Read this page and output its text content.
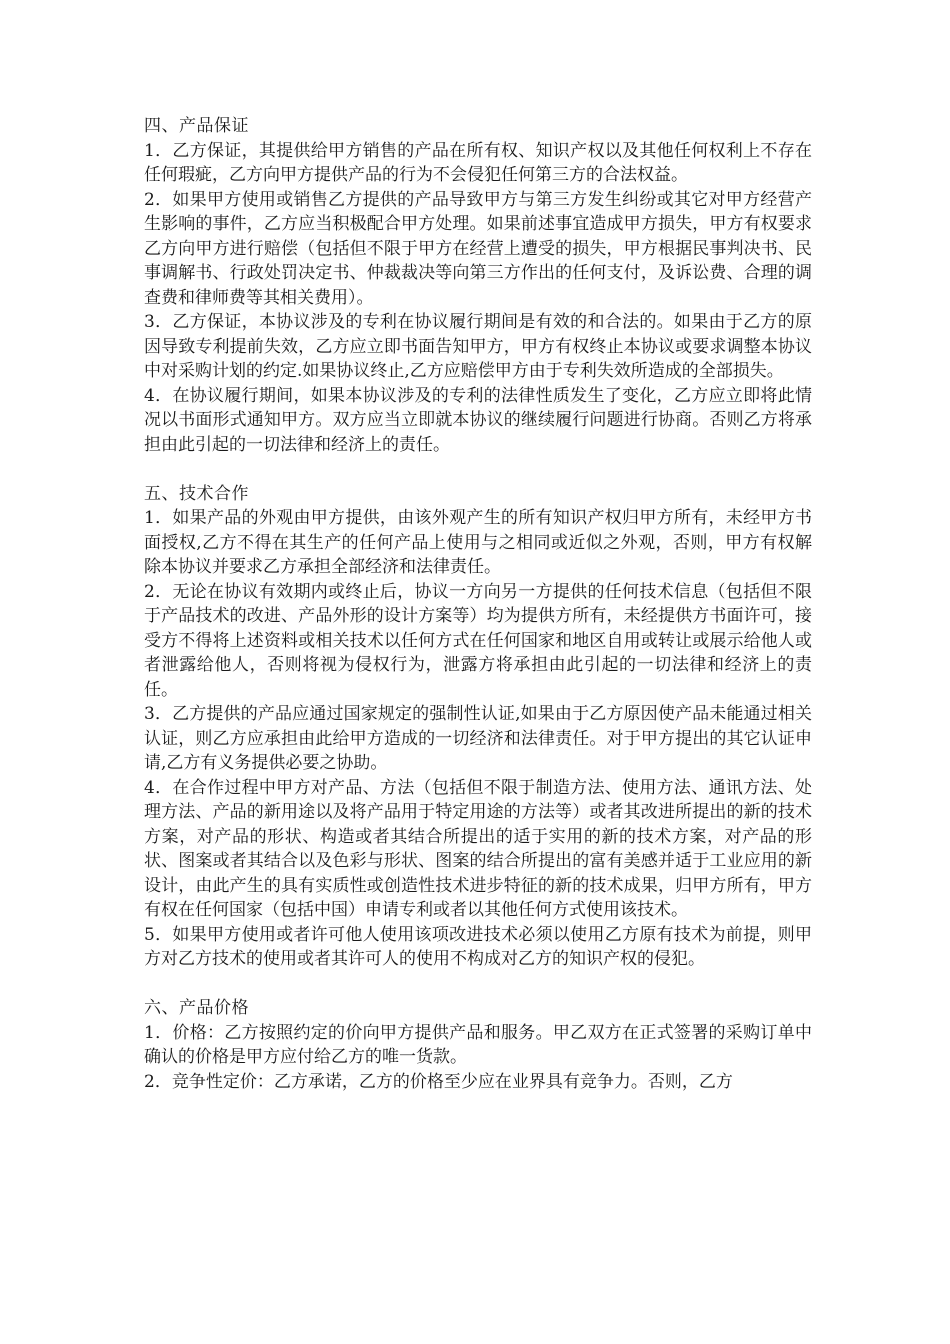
四、产品保证
1．乙方保证，其提供给甲方销售的产品在所有权、知识产权以及其他任何权利上不存在任何瑕疵，乙方向甲方提供产品的行为不会侵犯任何第三方的合法权益。
2．如果甲方使用或销售乙方提供的产品导致甲方与第三方发生纠纷或其它对甲方经营产生影响的事件，乙方应当积极配合甲方处理。如果前述事宜造成甲方损失，甲方有权要求乙方向甲方进行赔偿（包括但不限于甲方在经营上遭受的损失，甲方根据民事判决书、民事调解书、行政处罚决定书、仲裁裁决等向第三方作出的任何支付，及诉讼费、合理的调查费和律师费等其相关费用）。
3．乙方保证，本协议涉及的专利在协议履行期间是有效的和合法的。如果由于乙方的原因导致专利提前失效，乙方应立即书面告知甲方，甲方有权终止本协议或要求调整本协议中对采购计划的约定.如果协议终止,乙方应赔偿甲方由于专利失效所造成的全部损失。
4．在协议履行期间，如果本协议涉及的专利的法律性质发生了变化，乙方应立即将此情况以书面形式通知甲方。双方应当立即就本协议的继续履行问题进行协商。否则乙方将承担由此引起的一切法律和经济上的责任。
五、技术合作
1．如果产品的外观由甲方提供，由该外观产生的所有知识产权归甲方所有，未经甲方书面授权,乙方不得在其生产的任何产品上使用与之相同或近似之外观，否则，甲方有权解除本协议并要求乙方承担全部经济和法律责任。
2．无论在协议有效期内或终止后，协议一方向另一方提供的任何技术信息（包括但不限于产品技术的改进、产品外形的设计方案等）均为提供方所有，未经提供方书面许可，接受方不得将上述资料或相关技术以任何方式在任何国家和地区自用或转让或展示给他人或者泄露给他人，否则将视为侵权行为，泄露方将承担由此引起的一切法律和经济上的责任。
3．乙方提供的产品应通过国家规定的强制性认证,如果由于乙方原因使产品未能通过相关认证，则乙方应承担由此给甲方造成的一切经济和法律责任。对于甲方提出的其它认证申请,乙方有义务提供必要之协助。
4．在合作过程中甲方对产品、方法（包括但不限于制造方法、使用方法、通讯方法、处理方法、产品的新用途以及将产品用于特定用途的方法等）或者其改进所提出的新的技术方案，对产品的形状、构造或者其结合所提出的适于实用的新的技术方案，对产品的形状、图案或者其结合以及色彩与形状、图案的结合所提出的富有美感并适于工业应用的新设计，由此产生的具有实质性或创造性技术进步特征的新的技术成果，归甲方所有，甲方有权在任何国家（包括中国）申请专利或者以其他任何方式使用该技术。
5．如果甲方使用或者许可他人使用该项改进技术必须以使用乙方原有技术为前提，则甲方对乙方技术的使用或者其许可人的使用不构成对乙方的知识产权的侵犯。
六、产品价格
1．价格：乙方按照约定的价向甲方提供产品和服务。甲乙双方在正式签署的采购订单中确认的价格是甲方应付给乙方的唯一货款。
2．竞争性定价：乙方承诺，乙方的价格至少应在业界具有竞争力。否则，乙方
